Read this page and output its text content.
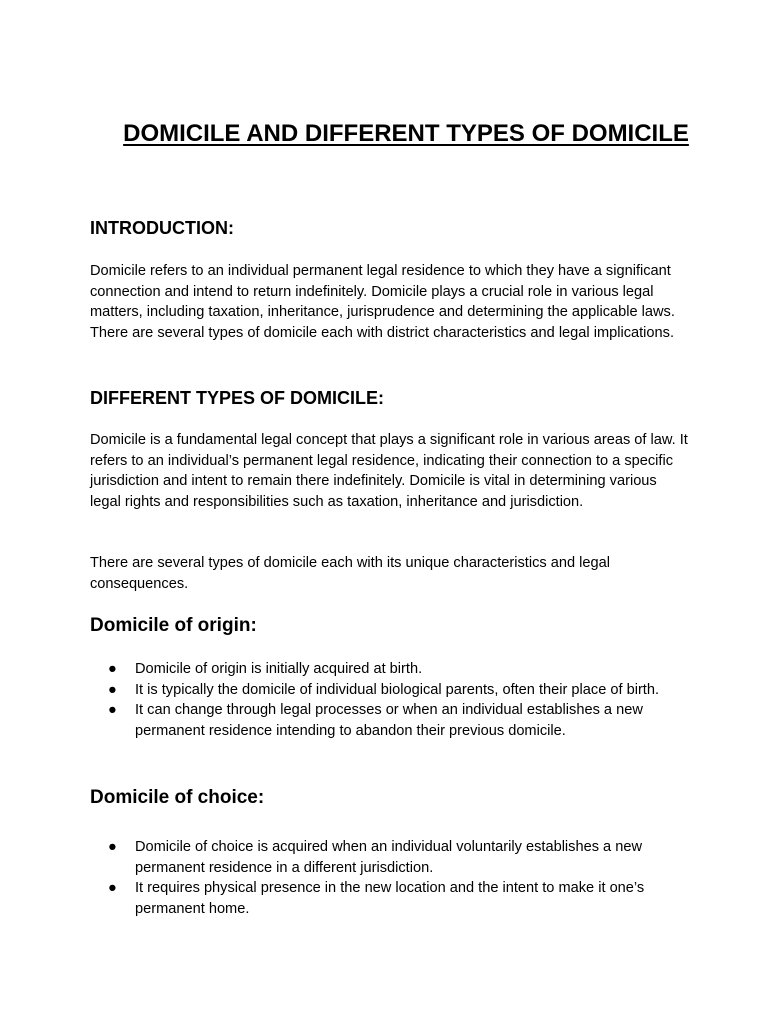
DOMICILE AND DIFFERENT TYPES OF DOMICILE
INTRODUCTION:

Domicile refers to an individual permanent legal residence to which they have a significant connection and intend to return indefinitely. Domicile plays a crucial role in various legal matters, including taxation, inheritance, jurisprudence and determining the applicable laws. There are several types of domicile each with district characteristics and legal implications.

DIFFERENT TYPES OF DOMICILE:

Domicile is a fundamental legal concept that plays a significant role in various areas of law. It refers to an individual’s permanent legal residence, indicating their connection to a specific jurisdiction and intent to remain there indefinitely. Domicile is vital in determining various legal rights and responsibilities such as taxation, inheritance and jurisdiction.

There are several types of domicile each with its unique characteristics and legal consequences.

Domicile of origin:
● Domicile of origin is initially acquired at birth.
● It is typically the domicile of individual biological parents, often their place of birth.
● It can change through legal processes or when an individual establishes a new permanent residence intending to abandon their previous domicile.
Domicile of choice:
● Domicile of choice is acquired when an individual voluntarily establishes a new permanent residence in a different jurisdiction.
● It requires physical presence in the new location and the intent to make it one’s permanent home.
